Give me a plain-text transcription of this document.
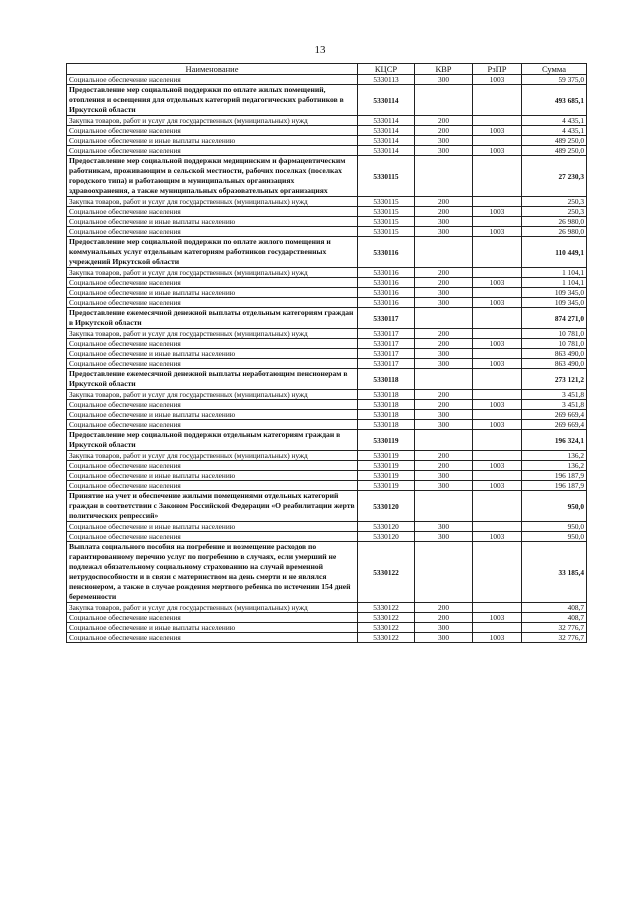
13
Наименование	КЦСР	КВР	РзПР	Сумма
Социальное обеспечение населения	5330113	300	1003	59 375,0
Предоставление мер социальной поддержки по оплате жилых помещений, отопления и освещения для отдельных категорий педагогических работников в Иркутской области	5330114			493 685,1
Закупка товаров, работ и услуг для государственных (муниципальных) нужд	5330114	200		4 435,1
Социальное обеспечение населения	5330114	200	1003	4 435,1
Социальное обеспечение и иные выплаты населению	5330114	300		489 250,0
Социальное обеспечение населения	5330114	300	1003	489 250,0
Предоставление мер социальной поддержки медицинским и фармацевтическим работникам, проживающим в сельской местности, рабочих поселках (поселках городского типа) и работающим в муниципальных организациях здравоохранения, а также муниципальных образовательных организациях	5330115			27 230,3
Закупка товаров, работ и услуг для государственных (муниципальных) нужд	5330115	200		250,3
Социальное обеспечение населения	5330115	200	1003	250,3
Социальное обеспечение и иные выплаты населению	5330115	300		26 980,0
Социальное обеспечение населения	5330115	300	1003	26 980,0
Предоставление мер социальной поддержки по оплате жилого помещения и коммунальных услуг отдельным категориям работников государственных учреждений Иркутской области	5330116			110 449,1
Закупка товаров, работ и услуг для государственных (муниципальных) нужд	5330116	200		1 104,1
Социальное обеспечение населения	5330116	200	1003	1 104,1
Социальное обеспечение и иные выплаты населению	5330116	300		109 345,0
Социальное обеспечение населения	5330116	300	1003	109 345,0
Предоставление ежемесячной денежной выплаты отдельным категориям граждан в Иркутской области	5330117			874 271,0
Закупка товаров, работ и услуг для государственных (муниципальных) нужд	5330117	200		10 781,0
Социальное обеспечение населения	5330117	200	1003	10 781,0
Социальное обеспечение и иные выплаты населению	5330117	300		863 490,0
Социальное обеспечение населения	5330117	300	1003	863 490,0
Предоставление ежемесячной денежной выплаты неработающим пенсионерам в Иркутской области	5330118			273 121,2
Закупка товаров, работ и услуг для государственных (муниципальных) нужд	5330118	200		3 451,8
Социальное обеспечение населения	5330118	200	1003	3 451,8
Социальное обеспечение и иные выплаты населению	5330118	300		269 669,4
Социальное обеспечение населения	5330118	300	1003	269 669,4
Предоставление мер социальной поддержки отдельным категориям граждан в Иркутской области	5330119			196 324,1
Закупка товаров, работ и услуг для государственных (муниципальных) нужд	5330119	200		136,2
Социальное обеспечение населения	5330119	200	1003	136,2
Социальное обеспечение и иные выплаты населению	5330119	300		196 187,9
Социальное обеспечение населения	5330119	300	1003	196 187,9
Принятие на учет и обеспечение жилыми помещениями отдельных категорий граждан в соответствии с Законом Российской Федерации «О реабилитации жертв политических репрессий»	5330120			950,0
Социальное обеспечение и иные выплаты населению	5330120	300		950,0
Социальное обеспечение населения	5330120	300	1003	950,0
Выплата социального пособия на погребение и возмещение расходов по гарантированному перечню услуг по погребению в случаях, если умерший не подлежал обязательному социальному страхованию на случай временной нетрудоспособности и в связи с материнством на день смерти и не являлся пенсионером, а также в случае рождения мертвого ребенка по истечении 154 дней беременности	5330122			33 185,4
Закупка товаров, работ и услуг для государственных (муниципальных) нужд	5330122	200		408,7
Социальное обеспечение населения	5330122	200	1003	408,7
Социальное обеспечение и иные выплаты населению	5330122	300		32 776,7
Социальное обеспечение населения	5330122	300	1003	32 776,7
